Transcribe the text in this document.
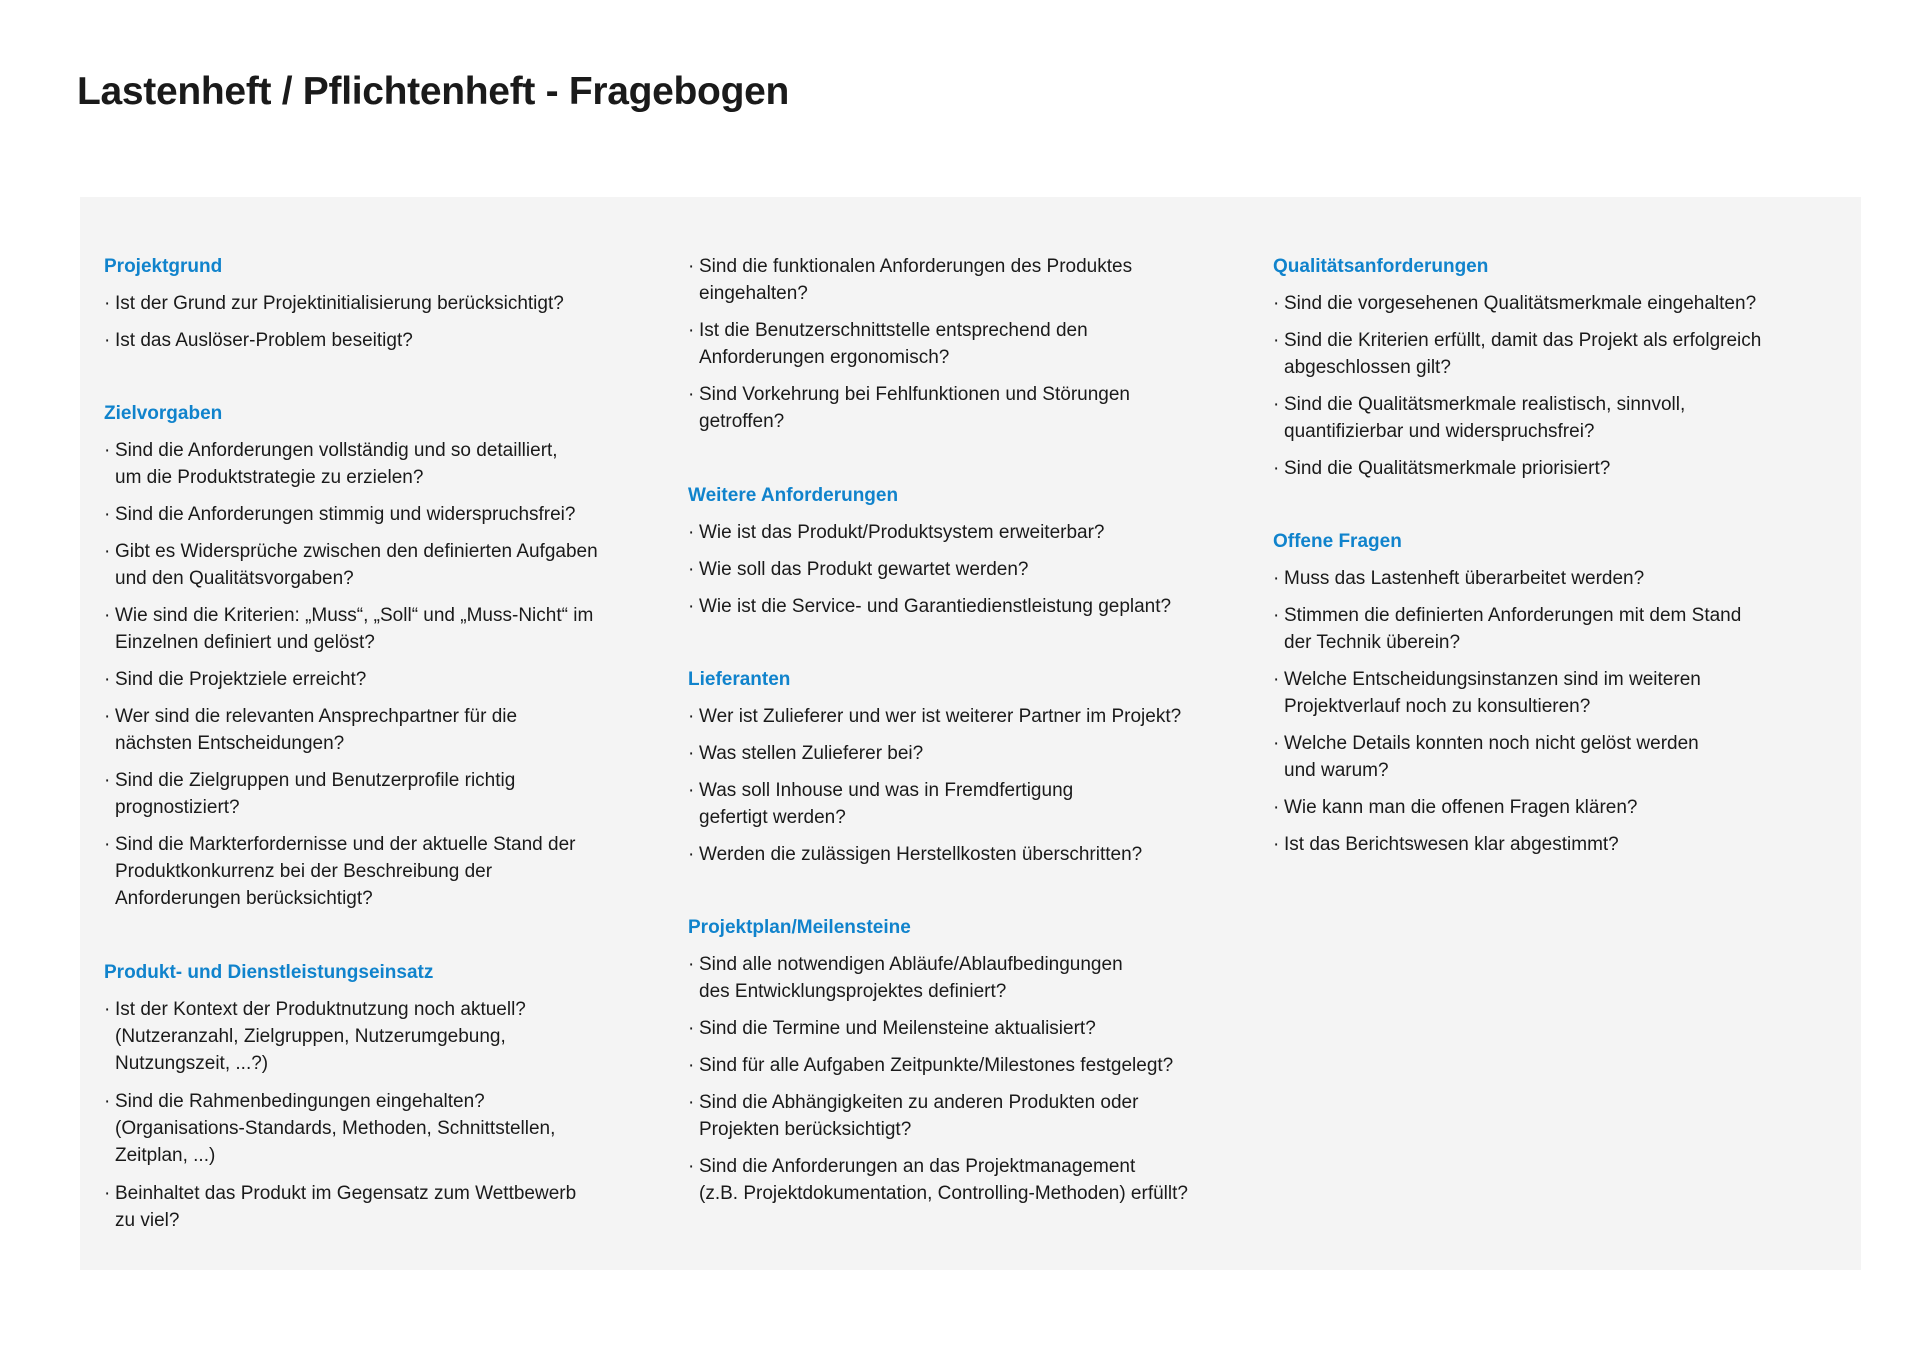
Lastenheft / Pflichtenheft - Fragebogen
Projektgrund
· Ist der Grund zur Projektinitialisierung berücksichtigt?
· Ist das Auslöser-Problem beseitigt?
Zielvorgaben
· Sind die Anforderungen vollständig und so detailliert,
um die Produktstrategie zu erzielen?
· Sind die Anforderungen stimmig und widerspruchsfrei?
· Gibt es Widersprüche zwischen den definierten Aufgaben
und den Qualitätsvorgaben?
· Wie sind die Kriterien: „Muss“, „Soll“ und „Muss-Nicht“ im
Einzelnen definiert und gelöst?
· Sind die Projektziele erreicht?
· Wer sind die relevanten Ansprechpartner für die
nächsten Entscheidungen?
· Sind die Zielgruppen und Benutzerprofile richtig
prognostiziert?
· Sind die Markterfordernisse und der aktuelle Stand der
Produktkonkurrenz bei der Beschreibung der
Anforderungen berücksichtigt?
Produkt- und Dienstleistungseinsatz
· Ist der Kontext der Produktnutzung noch aktuell?
(Nutzeranzahl, Zielgruppen, Nutzerumgebung,
Nutzungszeit, ...?)
· Sind die Rahmenbedingungen eingehalten?
(Organisations-Standards, Methoden, Schnittstellen,
Zeitplan, ...)
· Beinhaltet das Produkt im Gegensatz zum Wettbewerb
zu viel?
· Sind die funktionalen Anforderungen des Produktes
eingehalten?
· Ist die Benutzerschnittstelle entsprechend den
Anforderungen ergonomisch?
· Sind Vorkehrung bei Fehlfunktionen und Störungen
getroffen?
Weitere Anforderungen
· Wie ist das Produkt/Produktsystem erweiterbar?
· Wie soll das Produkt gewartet werden?
· Wie ist die Service- und Garantiedienstleistung geplant?
Lieferanten
· Wer ist Zulieferer und wer ist weiterer Partner im Projekt?
· Was stellen Zulieferer bei?
· Was soll Inhouse und was in Fremdfertigung
gefertigt werden?
· Werden die zulässigen Herstellkosten überschritten?
Projektplan/Meilensteine
· Sind alle notwendigen Abläufe/Ablaufbedingungen
des Entwicklungsprojektes definiert?
· Sind die Termine und Meilensteine aktualisiert?
· Sind für alle Aufgaben Zeitpunkte/Milestones festgelegt?
· Sind die Abhängigkeiten zu anderen Produkten oder
Projekten berücksichtigt?
· Sind die Anforderungen an das Projektmanagement
(z.B. Projektdokumentation, Controlling-Methoden) erfüllt?
Qualitätsanforderungen
· Sind die vorgesehenen Qualitätsmerkmale eingehalten?
· Sind die Kriterien erfüllt, damit das Projekt als erfolgreich
abgeschlossen gilt?
· Sind die Qualitätsmerkmale realistisch, sinnvoll,
quantifizierbar und widerspruchsfrei?
· Sind die Qualitätsmerkmale priorisiert?
Offene Fragen
· Muss das Lastenheft überarbeitet werden?
· Stimmen die definierten Anforderungen mit dem Stand
der Technik überein?
· Welche Entscheidungsinstanzen sind im weiteren
Projektverlauf noch zu konsultieren?
· Welche Details konnten noch nicht gelöst werden
und warum?
· Wie kann man die offenen Fragen klären?
· Ist das Berichtswesen klar abgestimmt?
